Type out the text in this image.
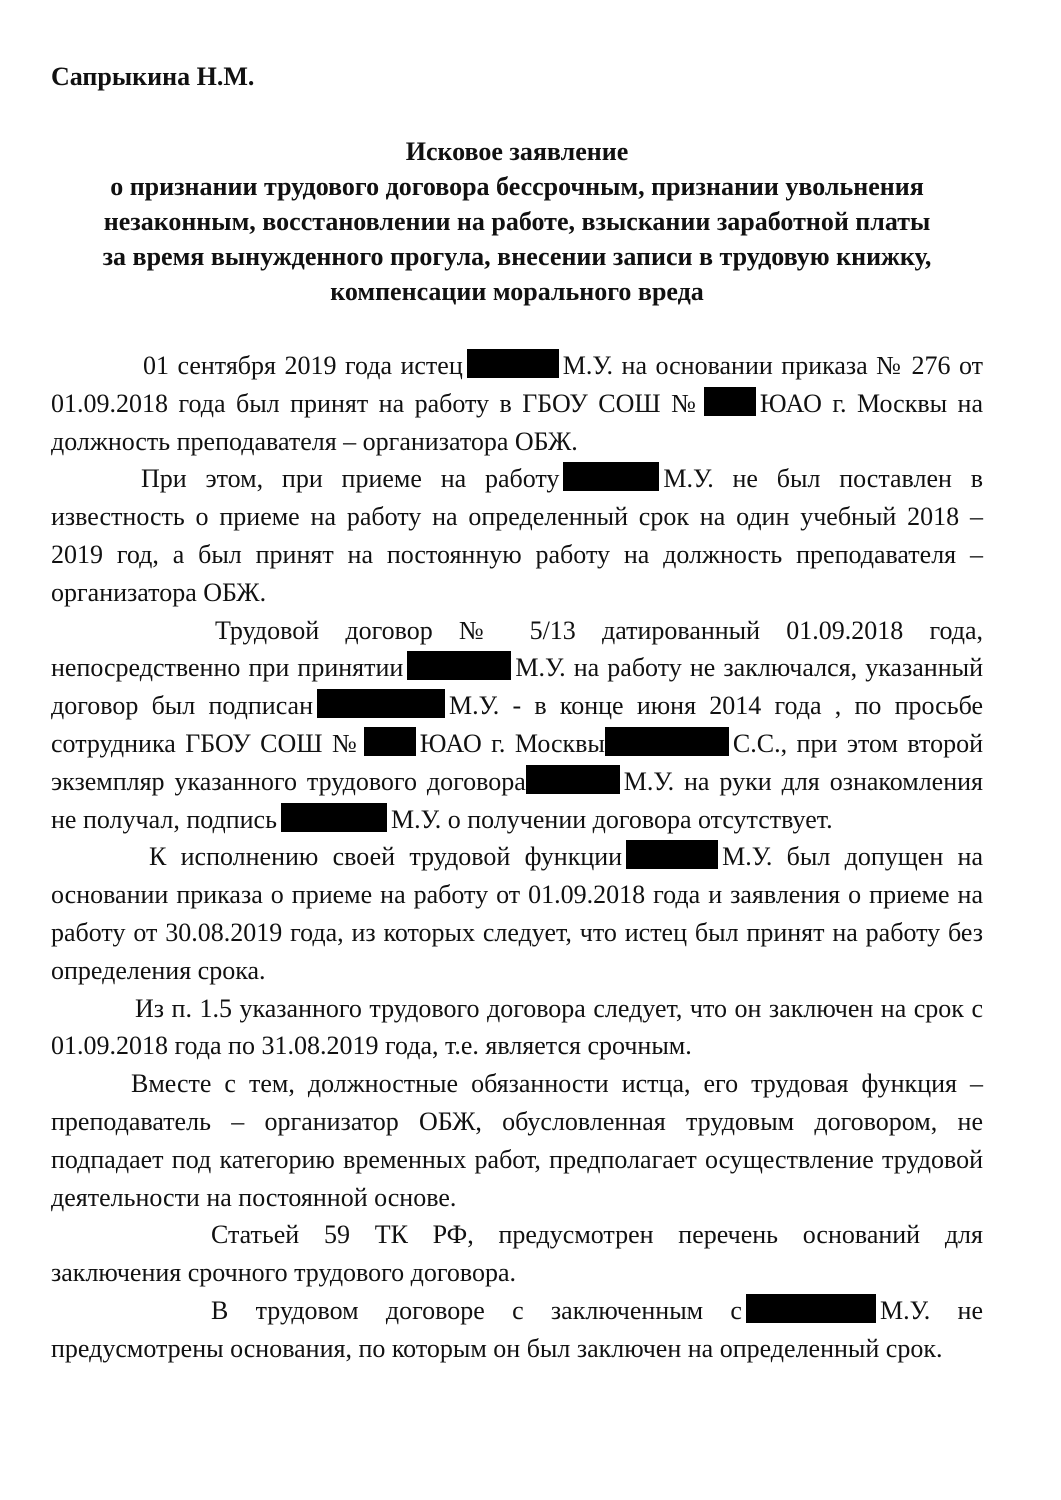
Сапрыкина Н.М.
Исковое заявление
о признании трудового договора бессрочным, признании увольнения
незаконным, восстановлении на работе, взыскании заработной платы
за время вынужденного прогула, внесении записи в трудовую книжку,
компенсации морального вреда

01 сентября 2019 года истец	М.У. на основании приказа № 276 от 01.09.2018 года был принят на работу в ГБОУ СОШ № ЮАО г. Москвы на должность преподавателя – организатора ОБЖ.

При этом, при приеме на работу	М.У. не был поставлен в известность о приеме на работу на определенный срок на один учебный 2018 – 2019 год, а был принят на постоянную работу на должность преподавателя – организатора ОБЖ.

Трудовой договор № 5/13 датированный 01.09.2018 года, непосредственно при принятии	М.У. на работу не заключался, указанный договор был подписан	М.У. - в конце июня 2014 года , по просьбе сотрудника ГБОУ СОШ № ЮАО г. Москвы	С.С., при этом второй экземпляр указанного трудового договора	М.У. на руки для ознакомления не получал, подпись	М.У. о получении договора отсутствует.

К исполнению своей трудовой функции	М.У. был допущен на основании приказа о приеме на работу от 01.09.2018 года и заявления о приеме на работу от 30.08.2019 года, из которых следует, что истец был принят на работу без определения срока.

Из п. 1.5 указанного трудового договора следует, что он заключен на срок с 01.09.2018 года по 31.08.2019 года, т.е. является срочным.

Вместе с тем, должностные обязанности истца, его трудовая функция – преподаватель – организатор ОБЖ, обусловленная трудовым договором, не подпадает под категорию временных работ, предполагает осуществление трудовой деятельности на постоянной основе.

Статьей 59 ТК РФ, предусмотрен перечень оснований для заключения срочного трудового договора.

В трудовом договоре с заключенным с	М.У. не предусмотрены основания, по которым он был заключен на определенный срок.
